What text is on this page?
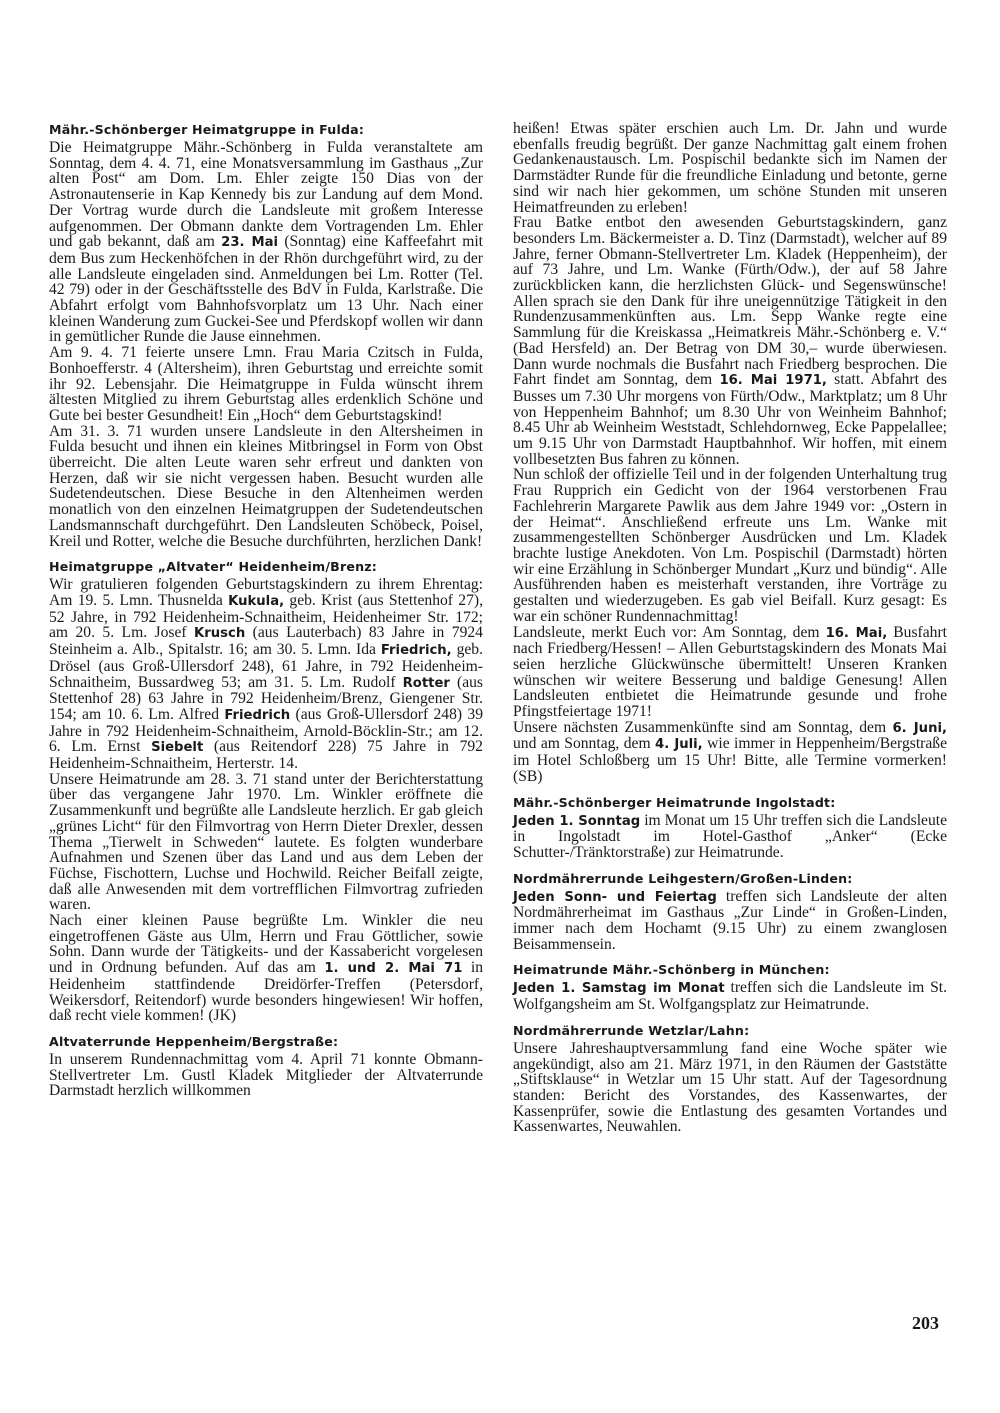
Mähr.-Schönberger Heimatgruppe in Fulda:

Die Heimatgruppe Mähr.-Schönberg in Fulda veranstaltete am Sonntag, dem 4. 4. 71, eine Monatsversammlung im Gasthaus „Zur alten Post“ am Dom. Lm. Ehler zeigte 150 Dias von der Astronautenserie in Kap Kennedy bis zur Landung auf dem Mond. Der Vortrag wurde durch die Landsleute mit großem Interesse aufgenommen. Der Obmann dankte dem Vortragenden Lm. Ehler und gab bekannt, daß am 23. Mai (Sonntag) eine Kaffeefahrt mit dem Bus zum Heckenhöfchen in der Rhön durchgeführt wird, zu der alle Landsleute eingeladen sind. Anmeldungen bei Lm. Rotter (Tel. 42 79) oder in der Geschäftsstelle des BdV in Fulda, Karlstraße. Die Abfahrt erfolgt vom Bahnhofsvorplatz um 13 Uhr. Nach einer kleinen Wanderung zum Guckei-See und Pferdskopf wollen wir dann in gemütlicher Runde die Jause einnehmen.

Am 9. 4. 71 feierte unsere Lmn. Frau Maria Czitsch in Fulda, Bonhoefferstr. 4 (Altersheim), ihren Geburtstag und erreichte somit ihr 92. Lebensjahr. Die Heimatgruppe in Fulda wünscht ihrem ältesten Mitglied zu ihrem Geburtstag alles erdenklich Schöne und Gute bei bester Gesundheit! Ein „Hoch“ dem Geburtstagskind!

Am 31. 3. 71 wurden unsere Landsleute in den Altersheimen in Fulda besucht und ihnen ein kleines Mitbringsel in Form von Obst überreicht. Die alten Leute waren sehr erfreut und dankten von Herzen, daß wir sie nicht vergessen haben. Besucht wurden alle Sudetendeutschen. Diese Besuche in den Altenheimen werden monatlich von den einzelnen Heimatgruppen der Sudetendeutschen Landsmannschaft durchgeführt. Den Landsleuten Schöbeck, Poisel, Kreil und Rotter, welche die Besuche durchführten, herzlichen Dank!

Heimatgruppe „Altvater“ Heidenheim/Brenz:

Wir gratulieren folgenden Geburtstagskindern zu ihrem Ehrentag: Am 19. 5. Lmn. Thusnelda Kukula, geb. Krist (aus Stettenhof 27), 52 Jahre, in 792 Heidenheim-Schnaitheim, Heidenheimer Str. 172; am 20. 5. Lm. Josef Krusch (aus Lauterbach) 83 Jahre in 7924 Steinheim a. Alb., Spitalstr. 16; am 30. 5. Lmn. Ida Friedrich, geb. Drösel (aus Groß-Ullersdorf 248), 61 Jahre, in 792 Heidenheim-Schnaitheim, Bussardweg 53; am 31. 5. Lm. Rudolf Rotter (aus Stettenhof 28) 63 Jahre in 792 Heidenheim/Brenz, Giengener Str. 154; am 10. 6. Lm. Alfred Friedrich (aus Groß-Ullersdorf 248) 39 Jahre in 792 Heidenheim-Schnaitheim, Arnold-Böcklin-Str.; am 12. 6. Lm. Ernst Siebelt (aus Reitendorf 228) 75 Jahre in 792 Heidenheim-Schnaitheim, Herterstr. 14.

Unsere Heimatrunde am 28. 3. 71 stand unter der Berichterstattung über das vergangene Jahr 1970. Lm. Winkler eröffnete die Zusammenkunft und begrüßte alle Landsleute herzlich. Er gab gleich „grünes Licht“ für den Filmvortrag von Herrn Dieter Drexler, dessen Thema „Tierwelt in Schweden“ lautete. Es folgten wunderbare Aufnahmen und Szenen über das Land und aus dem Leben der Füchse, Fischottern, Luchse und Hochwild. Reicher Beifall zeigte, daß alle Anwesenden mit dem vortrefflichen Filmvortrag zufrieden waren.

Nach einer kleinen Pause begrüßte Lm. Winkler die neu eingetroffenen Gäste aus Ulm, Herrn und Frau Göttlicher, sowie Sohn. Dann wurde der Tätigkeits- und der Kassabericht vorgelesen und in Ordnung befunden. Auf das am 1. und 2. Mai 71 in Heidenheim stattfindende Dreidörfer-Treffen (Petersdorf, Weikersdorf, Reitendorf) wurde besonders hingewiesen! Wir hoffen, daß recht viele kommen! (JK)

Altvaterrunde Heppenheim/Bergstraße:

In unserem Rundennachmittag vom 4. April 71 konnte Obmann-Stellvertreter Lm. Gustl Kladek Mitglieder der Altvaterrunde Darmstadt herzlich willkommen

heißen! Etwas später erschien auch Lm. Dr. Jahn und wurde ebenfalls freudig begrüßt. Der ganze Nachmittag galt einem frohen Gedankenaustausch. Lm. Pospischil bedankte sich im Namen der Darmstädter Runde für die freundliche Einladung und betonte, gerne sind wir nach hier gekommen, um schöne Stunden mit unseren Heimatfreunden zu erleben!

Frau Batke entbot den awesenden Geburtstagskindern, ganz besonders Lm. Bäckermeister a. D. Tinz (Darmstadt), welcher auf 89 Jahre, ferner Obmann-Stellvertreter Lm. Kladek (Heppenheim), der auf 73 Jahre, und Lm. Wanke (Fürth/Odw.), der auf 58 Jahre zurückblicken kann, die herzlichsten Glück- und Segenswünsche! Allen sprach sie den Dank für ihre uneigennützige Tätigkeit in den Rundenzusammenkünften aus. Lm. Sepp Wanke regte eine Sammlung für die Kreiskassa „Heimatkreis Mähr.-Schönberg e. V.“ (Bad Hersfeld) an. Der Betrag von DM 30,– wurde überwiesen. Dann wurde nochmals die Busfahrt nach Friedberg besprochen. Die Fahrt findet am Sonntag, dem 16. Mai 1971, statt. Abfahrt des Busses um 7.30 Uhr morgens von Fürth/Odw., Marktplatz; um 8 Uhr von Heppenheim Bahnhof; um 8.30 Uhr von Weinheim Bahnhof; 8.45 Uhr ab Weinheim Weststadt, Schlehdornweg, Ecke Pappelallee; um 9.15 Uhr von Darmstadt Hauptbahnhof. Wir hoffen, mit einem vollbesetzten Bus fahren zu können.

Nun schloß der offizielle Teil und in der folgenden Unterhaltung trug Frau Rupprich ein Gedicht von der 1964 verstorbenen Frau Fachlehrerin Margarete Pawlik aus dem Jahre 1949 vor: „Ostern in der Heimat“. Anschließend erfreute uns Lm. Wanke mit zusammengestellten Schönberger Ausdrücken und Lm. Kladek brachte lustige Anekdoten. Von Lm. Pospischil (Darmstadt) hörten wir eine Erzählung in Schönberger Mundart „Kurz und bündig“. Alle Ausführenden haben es meisterhaft verstanden, ihre Vorträge zu gestalten und wiederzugeben. Es gab viel Beifall. Kurz gesagt: Es war ein schöner Rundennachmittag!

Landsleute, merkt Euch vor: Am Sonntag, dem 16. Mai, Busfahrt nach Friedberg/Hessen! – Allen Geburtstagskindern des Monats Mai seien herzliche Glückwünsche übermittelt! Unseren Kranken wünschen wir weitere Besserung und baldige Genesung! Allen Landsleuten entbietet die Heimatrunde gesunde und frohe Pfingstfeiertage 1971!

Unsere nächsten Zusammenkünfte sind am Sonntag, dem 6. Juni, und am Sonntag, dem 4. Juli, wie immer in Heppenheim/Bergstraße im Hotel Schloßberg um 15 Uhr! Bitte, alle Termine vormerken! (SB)

Mähr.-Schönberger Heimatrunde Ingolstadt:

Jeden 1. Sonntag im Monat um 15 Uhr treffen sich die Landsleute in Ingolstadt im Hotel-Gasthof „Anker“ (Ecke Schutter-/Tränktorstraße) zur Heimatrunde.

Nordmährerrunde Leihgestern/Großen-Linden:

Jeden Sonn- und Feiertag treffen sich Landsleute der alten Nordmährerheimat im Gasthaus „Zur Linde“ in Großen-Linden, immer nach dem Hochamt (9.15 Uhr) zu einem zwanglosen Beisammensein.

Heimatrunde Mähr.-Schönberg in München:

Jeden 1. Samstag im Monat treffen sich die Landsleute im St. Wolfgangsheim am St. Wolfgangsplatz zur Heimatrunde.

Nordmährerrunde Wetzlar/Lahn:

Unsere Jahreshauptversammlung fand eine Woche später wie angekündigt, also am 21. März 1971, in den Räumen der Gaststätte „Stiftsklause“ in Wetzlar um 15 Uhr statt. Auf der Tagesordnung standen: Bericht des Vorstandes, des Kassenwartes, der Kassenprüfer, sowie die Entlastung des gesamten Vortandes und Kassenwartes, Neuwahlen.

203
